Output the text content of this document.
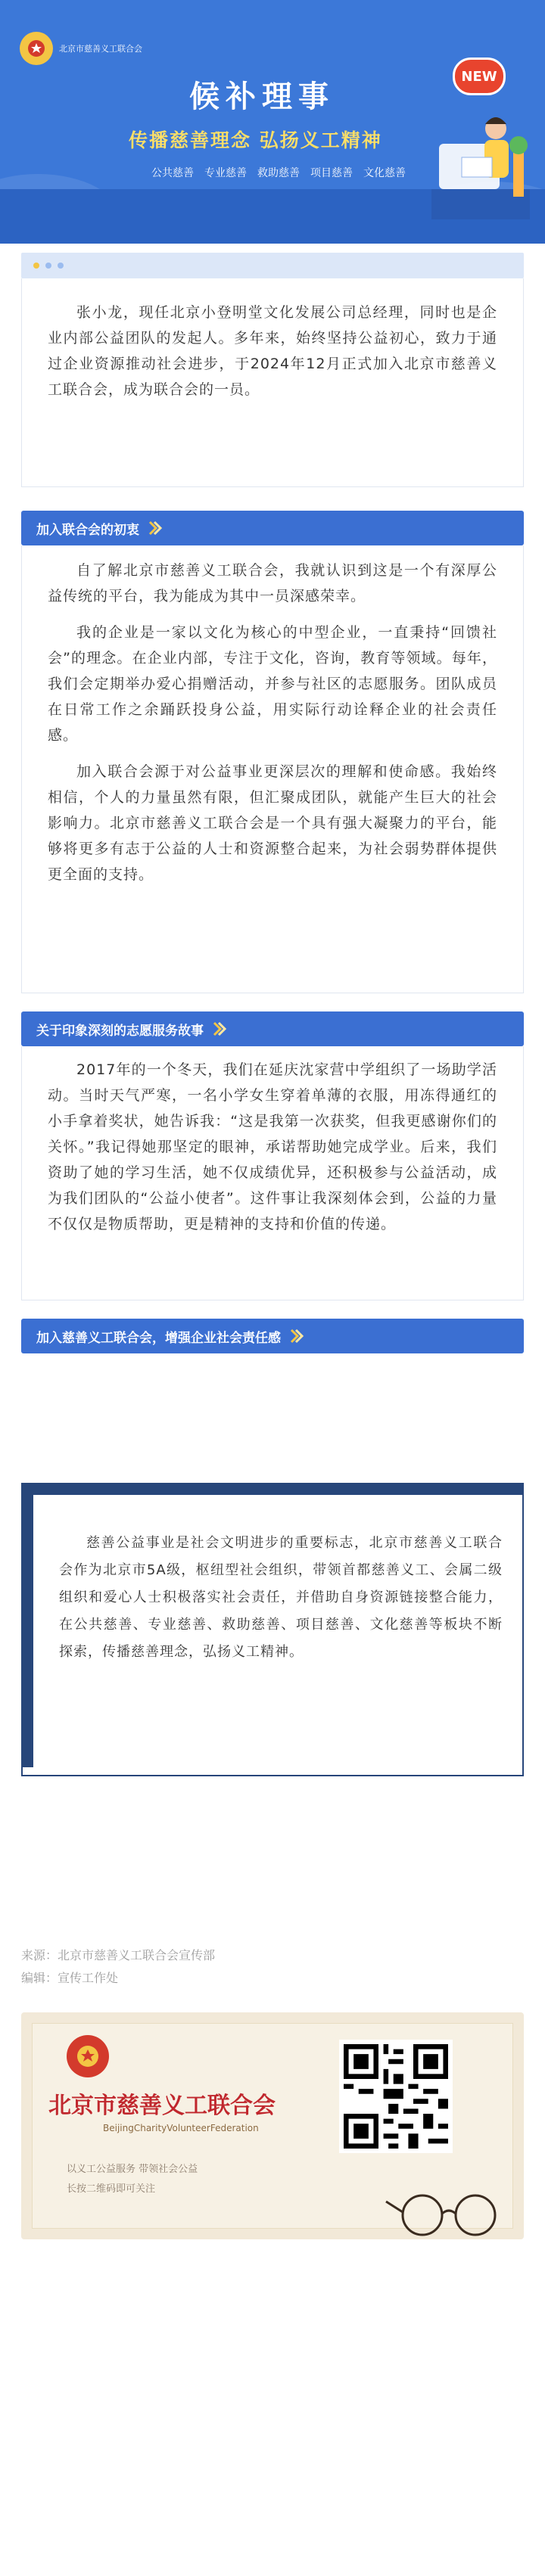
北京市慈善义工联合会
候补理事
传播慈善理念 弘扬义工精神
公共慈善 专业慈善 救助慈善 项目慈善 文化慈善
NEW

张小龙，现任北京小登明堂文化发展公司总经理，同时也是企业内部公益团队的发起人。多年来，始终坚持公益初心，致力于通过企业资源推动社会进步，于2024年12月正式加入北京市慈善义工联合会，成为联合会的一员。

加入联合会的初衷

自了解北京市慈善义工联合会，我就认识到这是一个有深厚公益传统的平台，我为能成为其中一员深感荣幸。

我的企业是一家以文化为核心的中型企业，一直秉持“回馈社会”的理念。在企业内部，专注于文化，咨询，教育等领域。每年，我们会定期举办爱心捐赠活动，并参与社区的志愿服务。团队成员在日常工作之余踊跃投身公益，用实际行动诠释企业的社会责任感。

加入联合会源于对公益事业更深层次的理解和使命感。我始终相信，个人的力量虽然有限，但汇聚成团队，就能产生巨大的社会影响力。北京市慈善义工联合会是一个具有强大凝聚力的平台，能够将更多有志于公益的人士和资源整合起来，为社会弱势群体提供更全面的支持。

关于印象深刻的志愿服务故事

2017年的一个冬天，我们在延庆沈家营中学组织了一场助学活动。当时天气严寒，一名小学女生穿着单薄的衣服，用冻得通红的小手拿着奖状，她告诉我：“这是我第一次获奖，但我更感谢你们的关怀。”我记得她那坚定的眼神，承诺帮助她完成学业。后来，我们资助了她的学习生活，她不仅成绩优异，还积极参与公益活动，成为我们团队的“公益小使者”。这件事让我深刻体会到，公益的力量不仅仅是物质帮助，更是精神的支持和价值的传递。

加入慈善义工联合会，增强企业社会责任感

慈善公益事业是社会文明进步的重要标志，北京市慈善义工联合会作为北京市5A级，枢纽型社会组织，带领首都慈善义工、会属二级组织和爱心人士积极落实社会责任，并借助自身资源链接整合能力，在公共慈善、专业慈善、救助慈善、项目慈善、文化慈善等板块不断探索，传播慈善理念，弘扬义工精神。

来源：北京市慈善义工联合会宣传部
编辑：宣传工作处
北京市慈善义工联合会
BeijingCharityVolunteerFederation
以义工公益服务 带领社会公益
长按二维码即可关注
